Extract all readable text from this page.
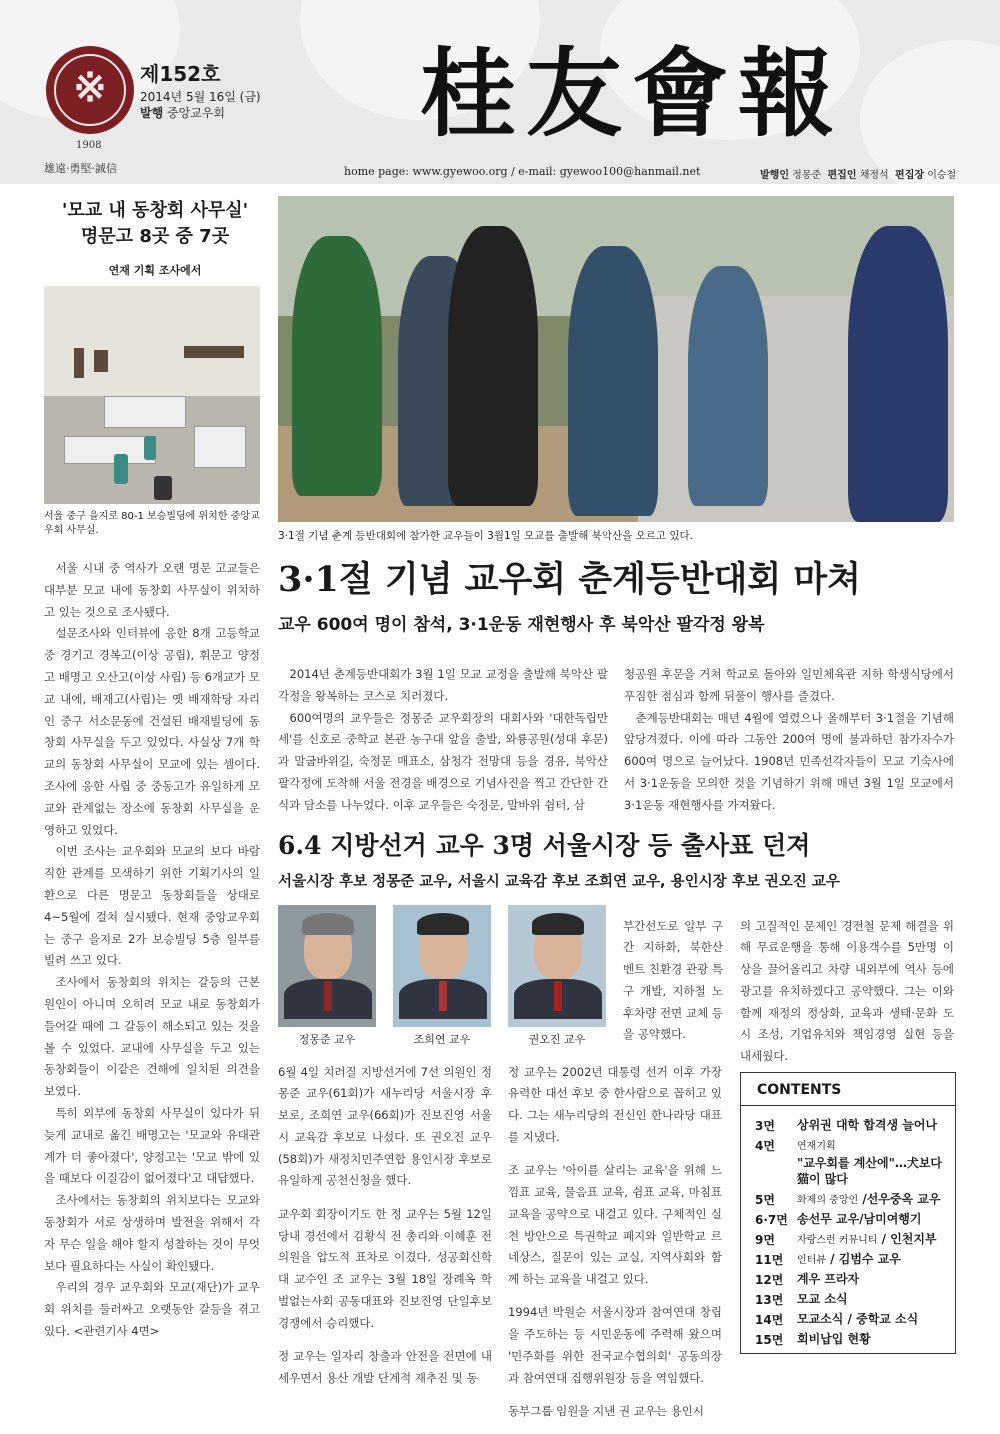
※
1908
雄遠·勇堅·誠信
제152호
2014년 5월 16일 (금)
발행 중앙교우회 桂友會報
home page: www.gyewoo.org / e-mail: gyewoo100@hanmail.net	발행인 정몽준 편집인 채정석 편집장 이승철
'모교 내 동창회 사무실'
명문고 8곳 중 7곳
연재 기획 조사에서
서울 중구 을지로 80-1 보승빌딩에 위치한 중앙교우회 사무실.

서울 시내 중 역사가 오랜 명문 고교들은 대부분 모교 내에 동창회 사무실이 위치하고 있는 것으로 조사됐다.

설문조사와 인터뷰에 응한 8개 고등학교 중 경기고 경복고(이상 공립), 휘문고 양정고 배명고 오산고(이상 사립) 등 6개교가 모교 내에, 배재고(사립)는 옛 배재학당 자리인 중구 서소문동에 건설된 배재빌딩에 동창회 사무실을 두고 있었다. 사실상 7개 학교의 동창회 사무실이 모교에 있는 셈이다. 조사에 응한 사립 중 중동고가 유일하게 모교와 관계없는 장소에 동창회 사무실을 운영하고 있었다.

이번 조사는 교우회와 모교의 보다 바람직한 관계를 모색하기 위한 기획기사의 일환으로 다른 명문고 동창회들을 상대로 4~5월에 걸쳐 실시됐다. 현재 중앙교우회는 중구 을지로 2가 보승빌딩 5층 일부를 빌려 쓰고 있다.

조사에서 동창회의 위치는 갈등의 근본 원인이 아니며 오히려 모교 내로 동창회가 들어갈 때에 그 갈등이 해소되고 있는 것을 볼 수 있었다. 교내에 사무실을 두고 있는 동창회들이 이같은 견해에 일치된 의견을 보였다.

특히 외부에 동창회 사무실이 있다가 뒤늦게 교내로 옮긴 배명고는 '모교와 유대관계가 더 좋아졌다', 양정고는 '모교 밖에 있을 때보다 이질감이 없어졌다'고 대답했다.

조사에서는 동창회의 위치보다는 모교와 동창회가 서로 상생하며 발전을 위해서 각자 무슨 일을 해야 할지 성찰하는 것이 무엇보다 필요하다는 사실이 확인됐다.

우리의 경우 교우회와 모교(재단)가 교우회 위치를 둘러싸고 오랫동안 갈등을 겪고 있다. <관련기사 4면>

3·1절 기념 춘계 등반대회에 참가한 교우들이 3월1일 모교를 출발해 북악산을 오르고 있다.
3·1절 기념 교우회 춘계등반대회 마쳐
교우 600여 명이 참석, 3·1운동 재현행사 후 북악산 팔각정 왕복

2014년 춘계등반대회가 3월 1일 모교 교정을 출발해 북악산 팔각정을 왕복하는 코스로 치러졌다.

600여명의 교우들은 정몽준 교우회장의 대회사와 '대한독립만세'를 신호로 중학교 본관 농구대 앞을 출발, 와룡공원(성대 후문)과 말굽바위길, 숙정문 매표소, 삼청각 전망대 등을 경유, 북악산 팔각정에 도착해 서울 전경을 배경으로 기념사진을 찍고 간단한 간식과 담소를 나누었다. 이후 교우들은 숙정문, 말바위 쉼터, 삼

청공원 후문을 거쳐 학교로 돌아와 일민체육관 지하 학생식당에서 푸짐한 점심과 함께 뒤풀이 행사를 즐겼다.

춘계등반대회는 매년 4월에 열렸으나 올해부터 3·1절을 기념해 앞당겨졌다. 이에 따라 그동안 200여 명에 불과하던 참가자수가 600여 명으로 늘어났다. 1908년 민족선각자들이 모교 기숙사에서 3·1운동을 모의한 것을 기념하기 위해 매년 3월 1일 모교에서 3·1운동 재현행사를 가져왔다.

6.4 지방선거 교우 3명 서울시장 등 출사표 던져
서울시장 후보 정몽준 교우, 서울시 교육감 후보 조희연 교우, 용인시장 후보 권오진 교우
정몽준 교우	조희연 교우	권오진 교우

6월 4일 치러질 지방선거에 7선 의원인 정몽준 교우(61회)가 새누리당 서울시장 후보로, 조희연 교우(66회)가 진보진영 서울시 교육감 후보로 나섰다. 또 권오진 교우(58회)가 새정치민주연합 용인시장 후보로 유일하게 공천신청을 했다.

교우회 회장이기도 한 정 교우는 5월 12일 당내 경선에서 김황식 전 총리와 이혜훈 전 의원을 압도적 표차로 이겼다. 성공회신학대 교수인 조 교우는 3월 18일 장례옥 학벌없는사회 공동대표와 진보진영 단일후보경쟁에서 승리했다.

정 교우는 일자리 창출과 안전을 전면에 내세우면서 용산 개발 단계적 재추진 및 동

부간선도로 일부 구간 지하화, 북한산 벤트 친환경 관광 특구 개발, 지하철 노후차량 전면 교체 등을 공약했다.

정 교우는 2002년 대통령 선거 이후 가장 유력한 대선 후보 중 한사람으로 꼽히고 있다. 그는 새누리당의 전신인 한나라당 대표를 지냈다.

조 교우는 '아이를 살리는 교육'을 위해 느낌표 교육, 물음표 교육, 쉼표 교육, 마침표 교육을 공약으로 내걸고 있다. 구체적인 실천 방안으로 특권학교 폐지와 일반학교 르네상스, 질문이 있는 교실, 지역사회와 함께 하는 교육을 내걸고 있다.

1994년 박원순 서울시장과 참여연대 창립을 주도하는 등 시민운동에 주력해 왔으며 '민주화를 위한 전국교수협의회' 공동의장과 참여연대 집행위원장 등을 역임했다.

동부그룹 임원을 지낸 권 교우는 용인시

의 고질적인 문제인 경전철 문제 해결을 위해 무료운행을 통해 이용객수를 5만명 이상을 끌어올리고 차량 내외부에 역사 등에 광고를 유치하겠다고 공약했다. 그는 이와 함께 재정의 정상화, 교육과 생태·문화 도시 조성, 기업유치와 책임경영 실현 등을 내세웠다.

CONTENTS
3면 상위권 대학 합격생 늘어나
4면 연재기획
"교우회를 계산에"…犬보다 猫이 많다
5면 화제의 중앙인 /선우중옥 교우
6·7면 송선무 교우/남미여행기
9면 자랑스런 커뮤니티 / 인천지부
11면 인터뷰 / 김범수 교우
12면 계우 프라자
13면 모교 소식
14면 모교소식 / 중학교 소식
15면 회비납입 현황
